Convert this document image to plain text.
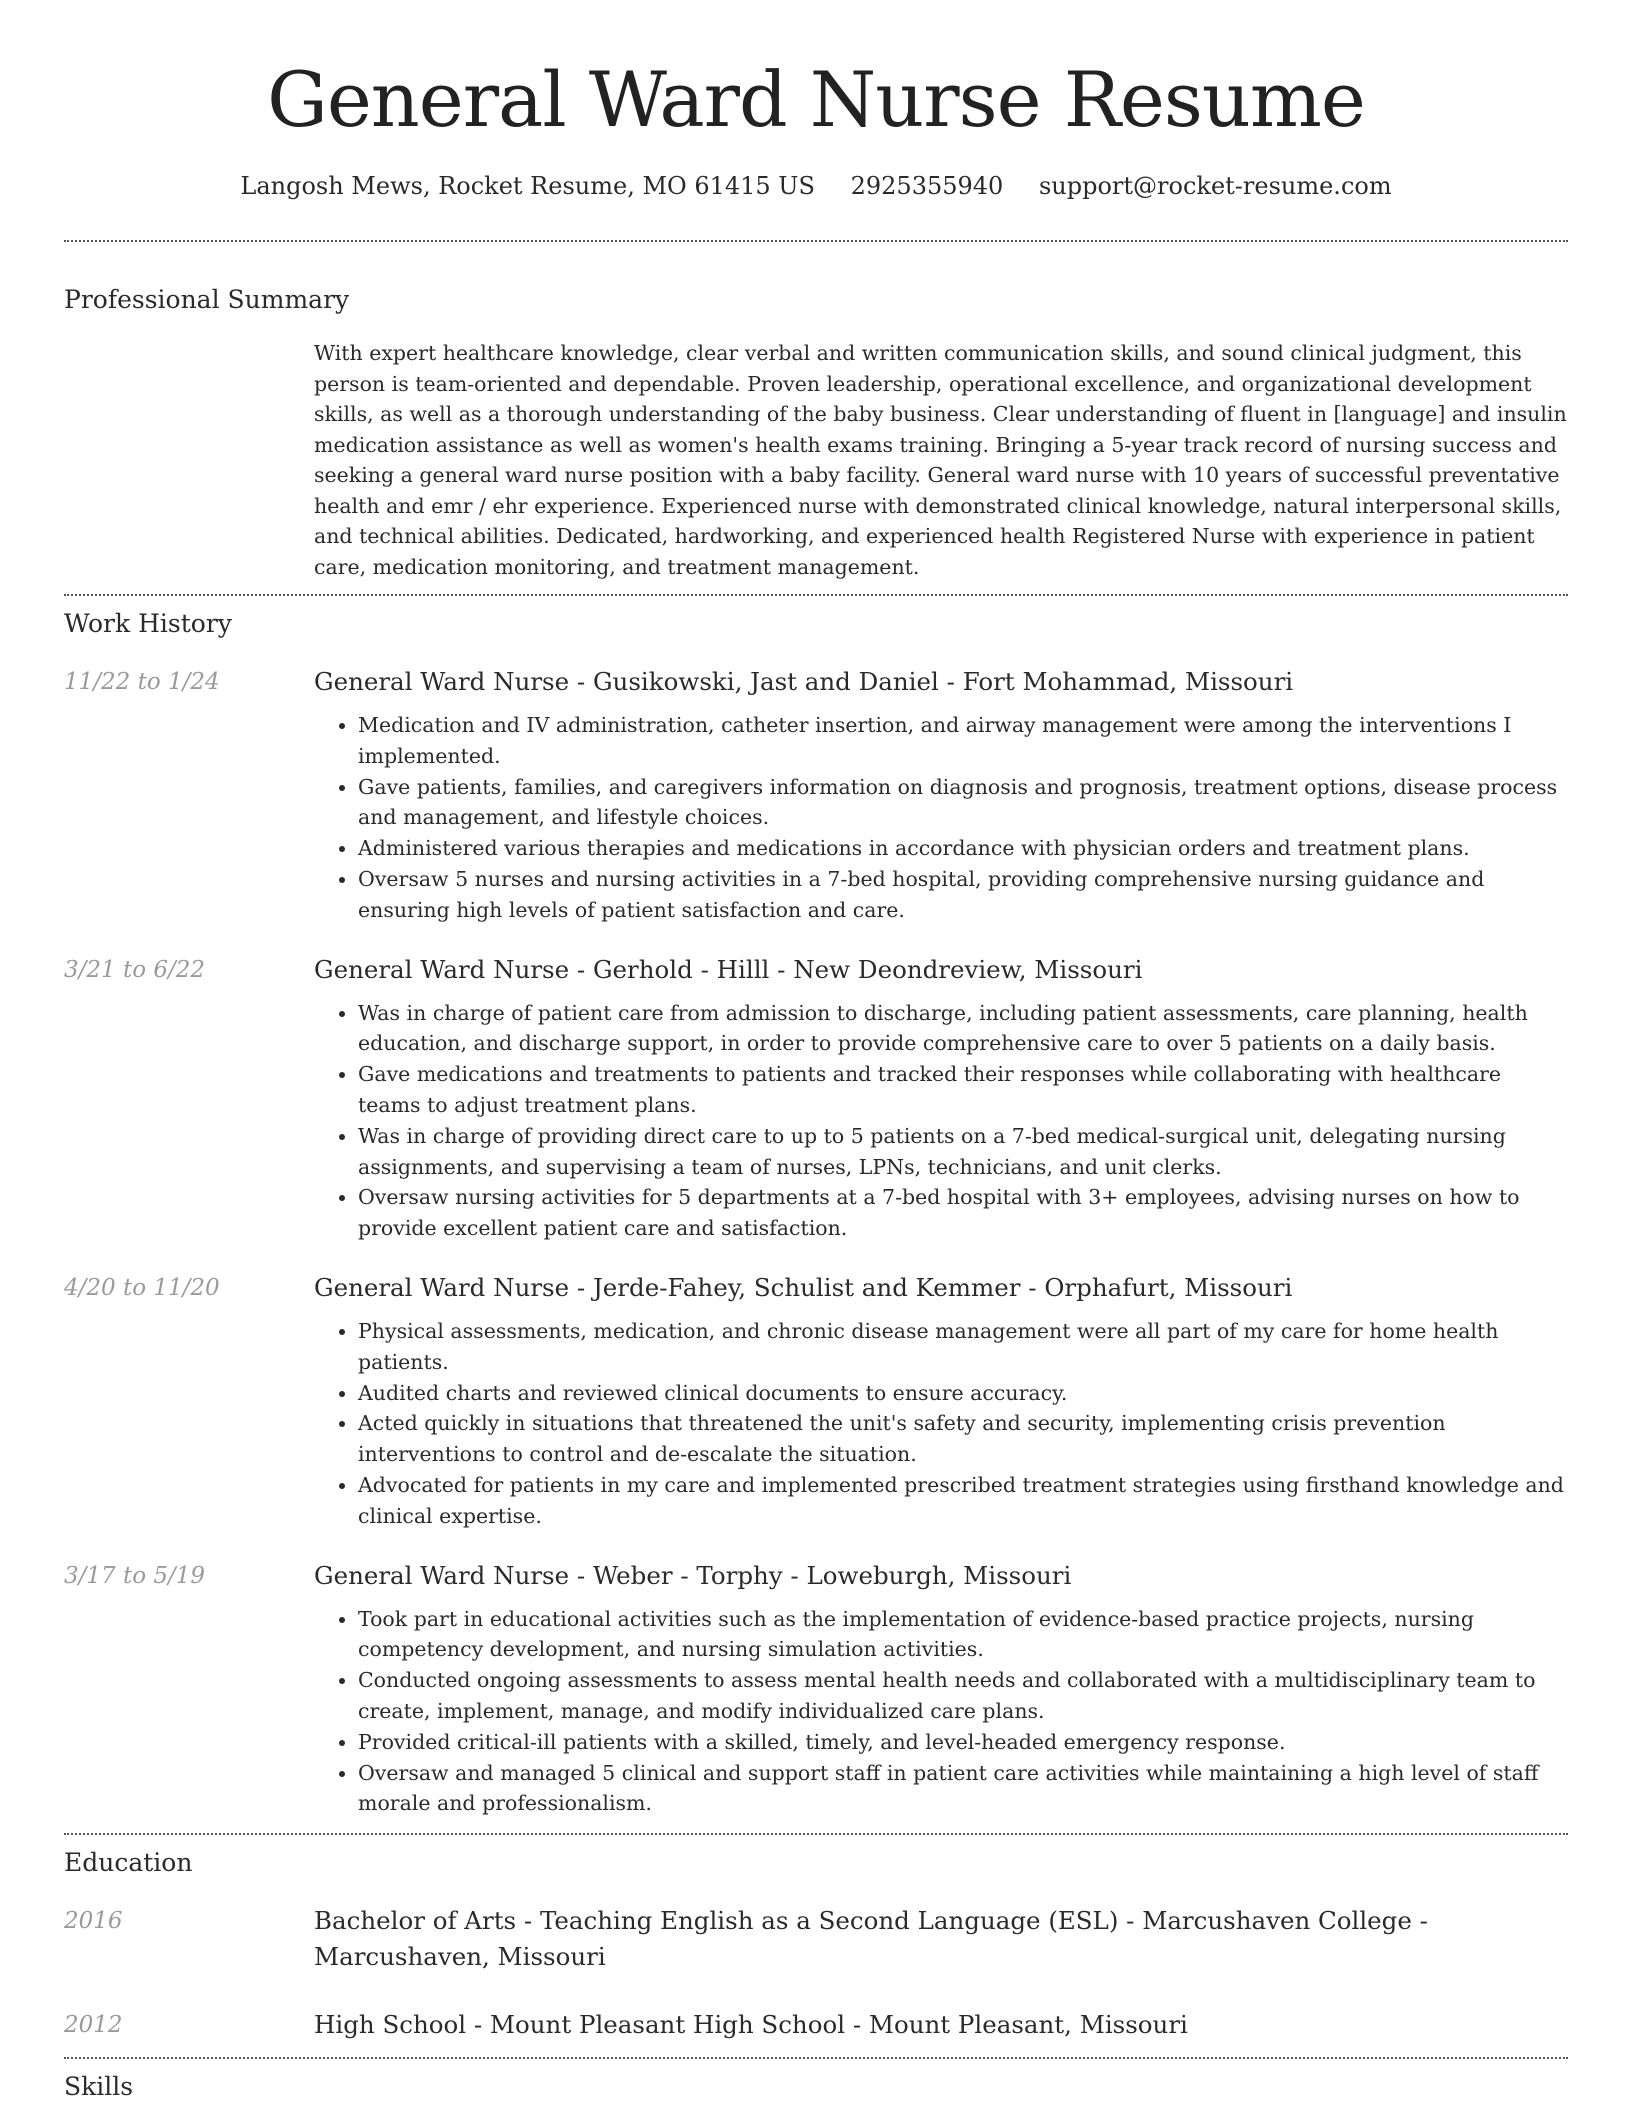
General Ward Nurse Resume
Langosh Mews, Rocket Resume, MO 61415 US 2925355940 support@rocket-resume.com
Professional Summary
With expert healthcare knowledge, clear verbal and written communication skills, and sound clinical judgment, this person is team-oriented and dependable. Proven leadership, operational excellence, and organizational development skills, as well as a thorough understanding of the baby business. Clear understanding of fluent in [language] and insulin medication assistance as well as women's health exams training. Bringing a 5-year track record of nursing success and seeking a general ward nurse position with a baby facility. General ward nurse with 10 years of successful preventative health and emr / ehr experience. Experienced nurse with demonstrated clinical knowledge, natural interpersonal skills, and technical abilities. Dedicated, hardworking, and experienced health Registered Nurse with experience in patient care, medication monitoring, and treatment management.
Work History
11/22 to 1/24	General Ward Nurse - Gusikowski, Jast and Daniel - Fort Mohammad, Missouri
• Medication and IV administration, catheter insertion, and airway management were among the interventions I implemented.
• Gave patients, families, and caregivers information on diagnosis and prognosis, treatment options, disease process and management, and lifestyle choices.
• Administered various therapies and medications in accordance with physician orders and treatment plans.
• Oversaw 5 nurses and nursing activities in a 7-bed hospital, providing comprehensive nursing guidance and ensuring high levels of patient satisfaction and care.
3/21 to 6/22	General Ward Nurse - Gerhold - Hilll - New Deondreview, Missouri
• Was in charge of patient care from admission to discharge, including patient assessments, care planning, health education, and discharge support, in order to provide comprehensive care to over 5 patients on a daily basis.
• Gave medications and treatments to patients and tracked their responses while collaborating with healthcare teams to adjust treatment plans.
• Was in charge of providing direct care to up to 5 patients on a 7-bed medical-surgical unit, delegating nursing assignments, and supervising a team of nurses, LPNs, technicians, and unit clerks.
• Oversaw nursing activities for 5 departments at a 7-bed hospital with 3+ employees, advising nurses on how to provide excellent patient care and satisfaction.
4/20 to 11/20	General Ward Nurse - Jerde-Fahey, Schulist and Kemmer - Orphafurt, Missouri
• Physical assessments, medication, and chronic disease management were all part of my care for home health patients.
• Audited charts and reviewed clinical documents to ensure accuracy.
• Acted quickly in situations that threatened the unit's safety and security, implementing crisis prevention interventions to control and de-escalate the situation.
• Advocated for patients in my care and implemented prescribed treatment strategies using firsthand knowledge and clinical expertise.
3/17 to 5/19	General Ward Nurse - Weber - Torphy - Loweburgh, Missouri
• Took part in educational activities such as the implementation of evidence-based practice projects, nursing competency development, and nursing simulation activities.
• Conducted ongoing assessments to assess mental health needs and collaborated with a multidisciplinary team to create, implement, manage, and modify individualized care plans.
• Provided critical-ill patients with a skilled, timely, and level-headed emergency response.
• Oversaw and managed 5 clinical and support staff in patient care activities while maintaining a high level of staff morale and professionalism.
Education
2016	Bachelor of Arts - Teaching English as a Second Language (ESL) - Marcushaven College - Marcushaven, Missouri
2012	High School - Mount Pleasant High School - Mount Pleasant, Missouri
Skills
